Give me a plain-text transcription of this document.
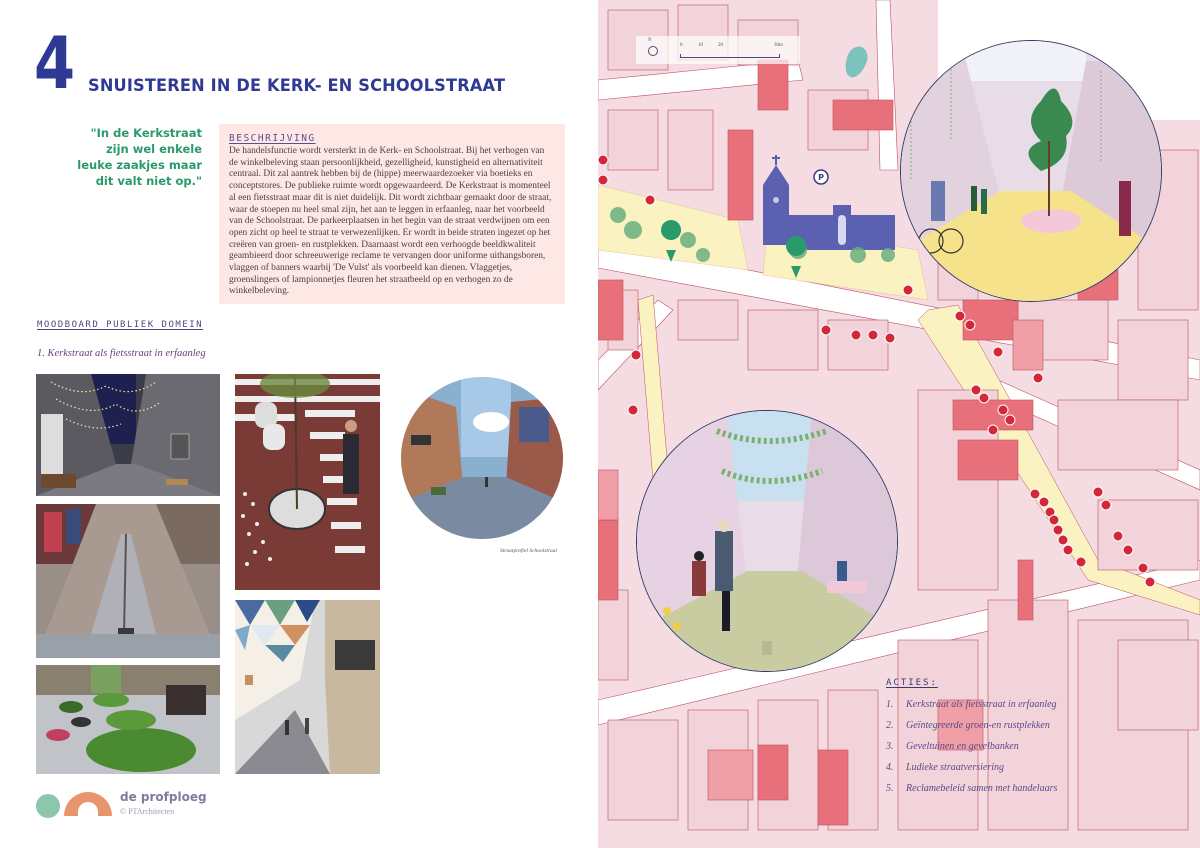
4 SNUISTEREN IN DE KERK- EN SCHOOLSTRAAT
"In de Kerkstraat zijn wel enkele leuke zaakjes maar dit valt niet op."
BESCHRIJVING
De handelsfunctie wordt versterkt in de Kerk- en Schoolstraat. Bij het verhogen van de winkelbeleving staan persoonlijkheid, gezelligheid, kunstigheid en alternativiteit centraal. Dit zal aantrek hebben bij de (hippe) meerwaardezoeker via boetieks en conceptstores. De publieke ruimte wordt opgewaardeerd. De Kerkstraat is momenteel al een fietsstraat maar dit is niet duidelijk. Dit wordt zichtbaar gemaakt door de straat, waar de stoepen nu heel smal zijn, het aan te leggen in erfaanleg, naar het voorbeeld van de Schoolstraat. De parkeerplaatsen in het begin van de straat verdwijnen om een open zicht op heel te straat te verwezenlijken. Er wordt in beide straten ingezet op het creëren van groen- en rustplekken. Daarnaast wordt een verhoogde beeldkwaliteit geambieerd door schreeuwerige reclame te vervangen door uniforme uithangsboren, vlaggen of banners waarbij 'De Vulst' als voorbeeld kan dienen. Vlaggetjes, groenslingers of lampionnetjes fleuren het straatbeeld op en verhogen zo de winkelbeleving.
MOODBOARD PUBLIEK DOMEIN
1. Kerkstraat als fietsstraat in erfaanleg
Straatprofiel Schoolstraat
de profploeg
© PTArchitecten
P
N
0	10	20	30m
ACTIES:
1.	Kerkstraat als fietsstraat in erfaanleg
2.	Geïntegreerde groen-en rustplekken
3.	Geveltuinen en gevelbanken
4.	Ludieke straatversiering
5.	Reclamebeleid samen met handelaars
